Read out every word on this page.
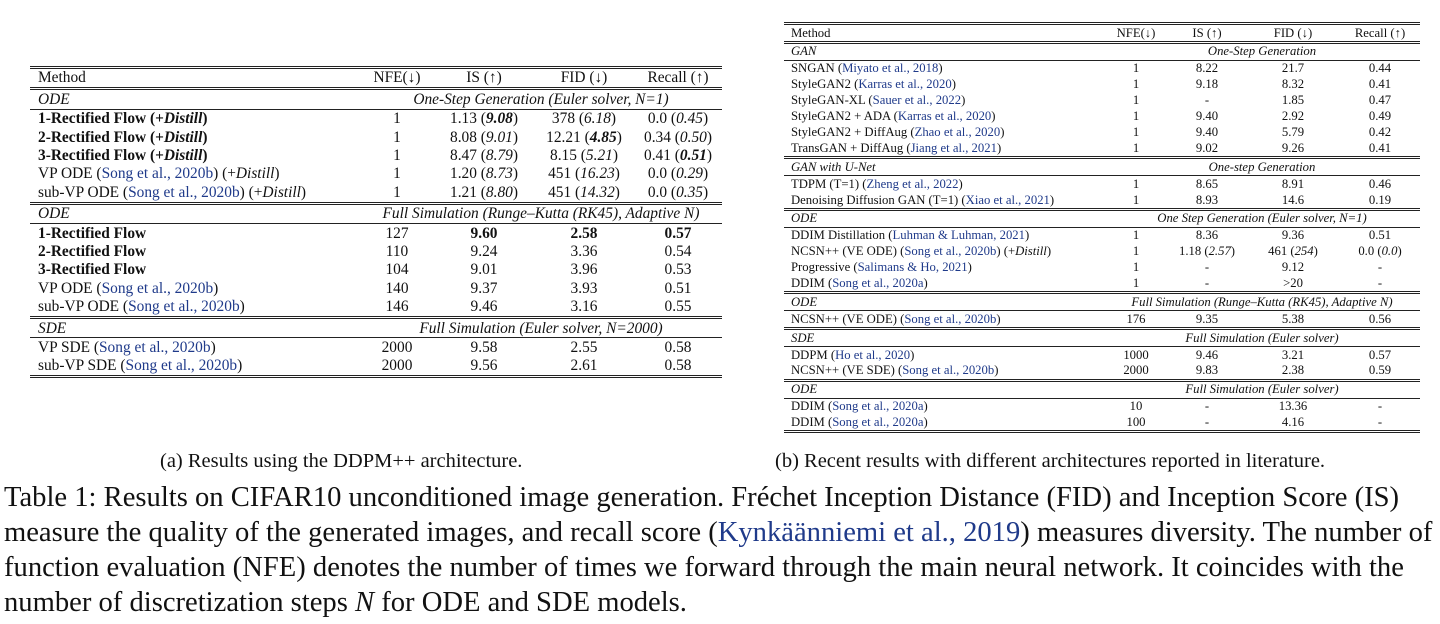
Method	NFE(↓)	IS (↑)	FID (↓)	Recall (↑)
ODE	One-Step Generation (Euler solver, N=1)			
1-Rectified Flow (+Distill)	1	1.13 (9.08)	378 (6.18)	0.0 (0.45)
2-Rectified Flow (+Distill)	1	8.08 (9.01)	12.21 (4.85)	0.34 (0.50)
3-Rectified Flow (+Distill)	1	8.47 (8.79)	8.15 (5.21)	0.41 (0.51)
VP ODE (Song et al., 2020b) (+Distill)	1	1.20 (8.73)	451 (16.23)	0.0 (0.29)
sub-VP ODE (Song et al., 2020b) (+Distill)	1	1.21 (8.80)	451 (14.32)	0.0 (0.35)
ODE	Full Simulation (Runge–Kutta (RK45), Adaptive N)			
1-Rectified Flow	127	9.60	2.58	0.57
2-Rectified Flow	110	9.24	3.36	0.54
3-Rectified Flow	104	9.01	3.96	0.53
VP ODE (Song et al., 2020b)	140	9.37	3.93	0.51
sub-VP ODE (Song et al., 2020b)	146	9.46	3.16	0.55
SDE	Full Simulation (Euler solver, N=2000)			
VP SDE (Song et al., 2020b)	2000	9.58	2.55	0.58
sub-VP SDE (Song et al., 2020b)	2000	9.56	2.61	0.58
Method	NFE(↓)	IS (↑)	FID (↓)	Recall (↑)
GAN	One-Step Generation			
SNGAN (Miyato et al., 2018)	1	8.22	21.7	0.44
StyleGAN2 (Karras et al., 2020)	1	9.18	8.32	0.41
StyleGAN-XL (Sauer et al., 2022)	1	-	1.85	0.47
StyleGAN2 + ADA (Karras et al., 2020)	1	9.40	2.92	0.49
StyleGAN2 + DiffAug (Zhao et al., 2020)	1	9.40	5.79	0.42
TransGAN + DiffAug (Jiang et al., 2021)	1	9.02	9.26	0.41
GAN with U-Net	One-step Generation			
TDPM (T=1) (Zheng et al., 2022)	1	8.65	8.91	0.46
Denoising Diffusion GAN (T=1) (Xiao et al., 2021)	1	8.93	14.6	0.19
ODE	One Step Generation (Euler solver, N=1)			
DDIM Distillation (Luhman & Luhman, 2021)	1	8.36	9.36	0.51
NCSN++ (VE ODE) (Song et al., 2020b) (+Distill)	1	1.18 (2.57)	461 (254)	0.0 (0.0)
Progressive (Salimans & Ho, 2021)	1	-	9.12	-
DDIM (Song et al., 2020a)	1	-	>20	-
ODE	Full Simulation (Runge–Kutta (RK45), Adaptive N)			
NCSN++ (VE ODE) (Song et al., 2020b)	176	9.35	5.38	0.56
SDE	Full Simulation (Euler solver)			
DDPM (Ho et al., 2020)	1000	9.46	3.21	0.57
NCSN++ (VE SDE) (Song et al., 2020b)	2000	9.83	2.38	0.59
ODE	Full Simulation (Euler solver)			
DDIM (Song et al., 2020a)	10	-	13.36	-
DDIM (Song et al., 2020a)	100	-	4.16	-
(a) Results using the DDPM++ architecture.	(b) Recent results with different architectures reported in literature.

Table 1: Results on CIFAR10 unconditioned image generation. Fréchet Inception Distance (FID) and Inception Score (IS) measure the quality of the generated images, and recall score (Kynkäänniemi et al., 2019) measures diversity. The number of function evaluation (NFE) denotes the number of times we forward through the main neural network. It coincides with the number of discretization steps N for ODE and SDE models.
